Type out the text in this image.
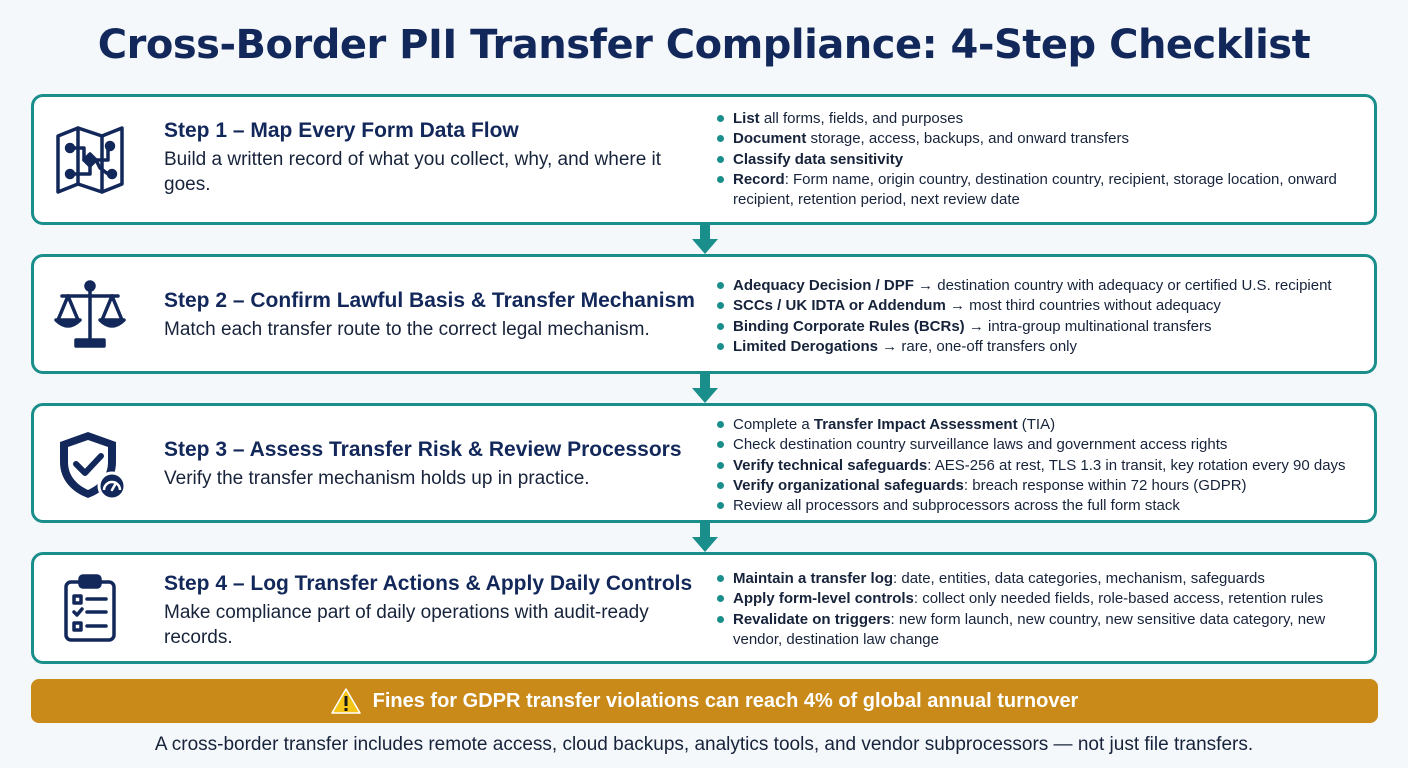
Cross-Border PII Transfer Compliance: 4-Step Checklist

Step 1 – Map Every Form Data Flow

Build a written record of what you collect, why, and where it goes.

List all forms, fields, and purposes
Document storage, access, backups, and onward transfers
Classify data sensitivity
Record: Form name, origin country, destination country, recipient, storage location, onward recipient, retention period, next review date

Step 2 – Confirm Lawful Basis & Transfer Mechanism

Match each transfer route to the correct legal mechanism.

Adequacy Decision / DPF → destination country with adequacy or certified U.S. recipient
SCCs / UK IDTA or Addendum → most third countries without adequacy
Binding Corporate Rules (BCRs) → intra-group multinational transfers
Limited Derogations → rare, one-off transfers only

Step 3 – Assess Transfer Risk & Review Processors

Verify the transfer mechanism holds up in practice.

Complete a Transfer Impact Assessment (TIA)
Check destination country surveillance laws and government access rights
Verify technical safeguards: AES-256 at rest, TLS 1.3 in transit, key rotation every 90 days
Verify organizational safeguards: breach response within 72 hours (GDPR)
Review all processors and subprocessors across the full form stack

Step 4 – Log Transfer Actions & Apply Daily Controls

Make compliance part of daily operations with audit-ready records.

Maintain a transfer log: date, entities, data categories, mechanism, safeguards
Apply form-level controls: collect only needed fields, role-based access, retention rules
Revalidate on triggers: new form launch, new country, new sensitive data category, new vendor, destination law change
Fines for GDPR transfer violations can reach 4% of global annual turnover
A cross-border transfer includes remote access, cloud backups, analytics tools, and vendor subprocessors — not just file transfers.
